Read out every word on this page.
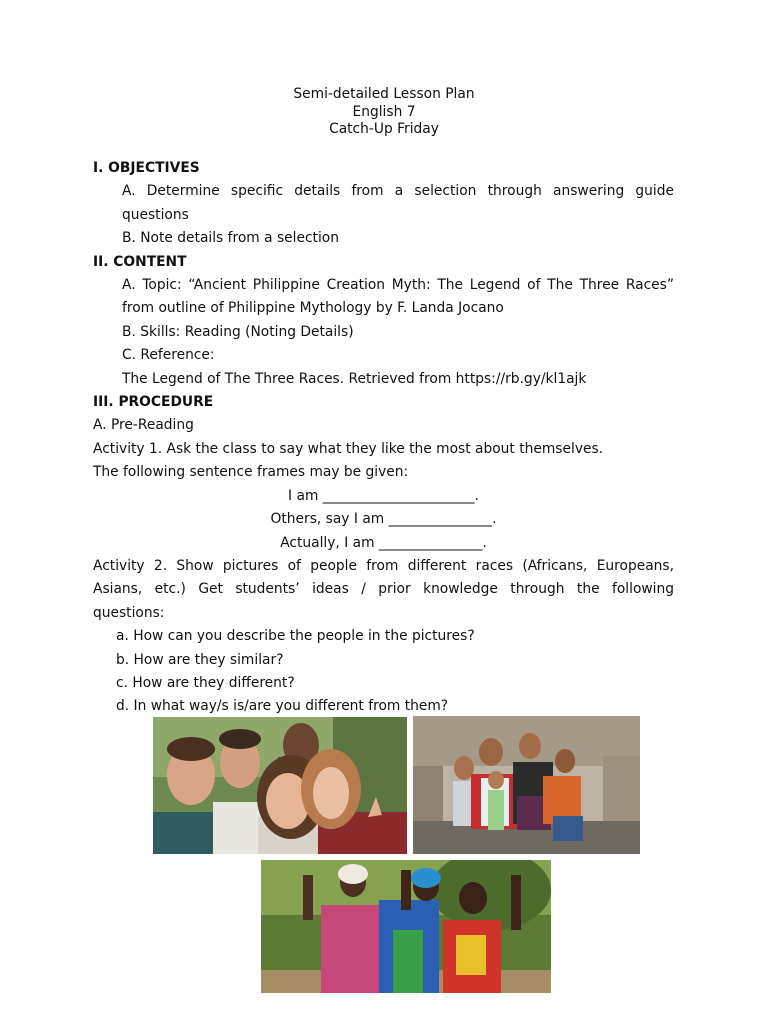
Semi-detailed Lesson Plan
English 7
Catch-Up Friday
I. OBJECTIVES
A. Determine specific details from a selection through answering guide
questions
B. Note details from a selection
II. CONTENT
A. Topic: “Ancient Philippine Creation Myth: The Legend of The Three Races”
from outline of Philippine Mythology by F. Landa Jocano
B. Skills: Reading (Noting Details)
C. Reference:
The Legend of The Three Races. Retrieved from https://rb.gy/kl1ajk
III. PROCEDURE
A. Pre-Reading
Activity 1. Ask the class to say what they like the most about themselves.
The following sentence frames may be given:
I am ______________________.
Others, say I am _______________.
Actually, I am _______________.
Activity 2. Show pictures of people from different races (Africans, Europeans,
Asians, etc.) Get students’ ideas / prior knowledge through the following
questions:
a. How can you describe the people in the pictures?
b. How are they similar?
c. How are they different?
d. In what way/s is/are you different from them?
